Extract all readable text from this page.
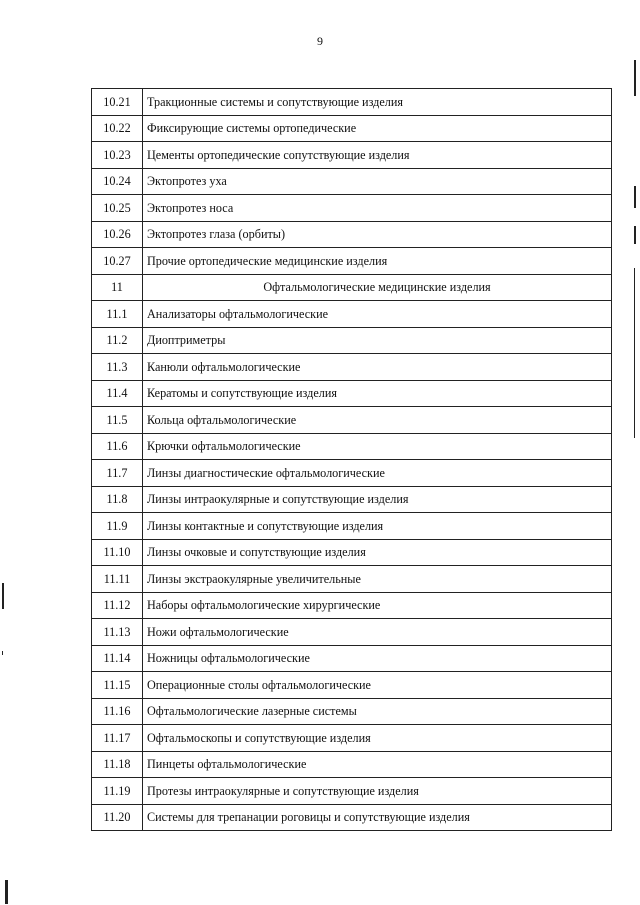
9
10.21	Тракционные системы и сопутствующие изделия
10.22	Фиксирующие системы ортопедические
10.23	Цементы ортопедические сопутствующие изделия
10.24	Эктопротез уха
10.25	Эктопротез носа
10.26	Эктопротез глаза (орбиты)
10.27	Прочие ортопедические медицинские изделия
11	Офтальмологические медицинские изделия
11.1	Анализаторы офтальмологические
11.2	Диоптриметры
11.3	Канюли офтальмологические
11.4	Кератомы и сопутствующие изделия
11.5	Кольца офтальмологические
11.6	Крючки офтальмологические
11.7	Линзы диагностические офтальмологические
11.8	Линзы интраокулярные и сопутствующие изделия
11.9	Линзы контактные и сопутствующие изделия
11.10	Линзы очковые и сопутствующие изделия
11.11	Линзы экстраокулярные увеличительные
11.12	Наборы офтальмологические хирургические
11.13	Ножи офтальмологические
11.14	Ножницы офтальмологические
11.15	Операционные столы офтальмологические
11.16	Офтальмологические лазерные системы
11.17	Офтальмоскопы и сопутствующие изделия
11.18	Пинцеты офтальмологические
11.19	Протезы интраокулярные и сопутствующие изделия
11.20	Системы для трепанации роговицы и сопутствующие изделия
